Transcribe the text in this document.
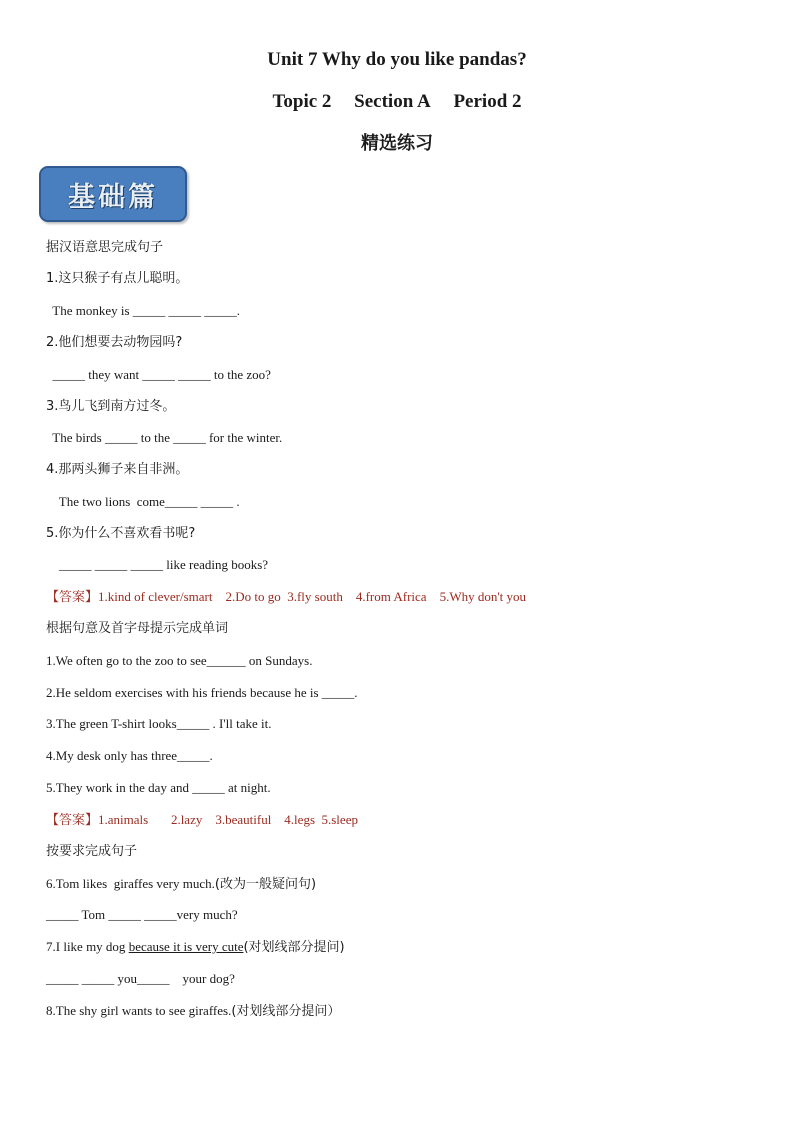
Unit 7 Why do you like pandas?
Topic 2 Section A Period 2
精选练习
基础篇
据汉语意思完成句子
1.这只猴子有点儿聪明。
The monkey is _____ _____ _____.
2.他们想要去动物园吗?
_____ they want _____ _____ to the zoo?
3.鸟儿飞到南方过冬。
The birds _____ to the _____ for the winter.
4.那两头狮子来自非洲。
The two lions  come_____ _____ .
5.你为什么不喜欢看书呢?
_____ _____ _____ like reading books?
【答案】1.kind of clever/smart    2.Do to go  3.fly south    4.from Africa    5.Why don't you
根据句意及首字母提示完成单词
1.We often go to the zoo to see______ on Sundays.
2.He seldom exercises with his friends because he is _____.
3.The green T-shirt looks_____ . I'll take it.
4.My desk only has three_____.
5.They work in the day and _____ at night.
【答案】1.animals       2.lazy    3.beautiful    4.legs  5.sleep
按要求完成句子
6.Tom likes  giraffes very much.(改为一般疑问句)
_____ Tom _____ _____very much?
7.I like my dog because it is very cute(对划线部分提问)
_____ _____ you_____    your dog?
8.The shy girl wants to see giraffes.(对划线部分提问）
